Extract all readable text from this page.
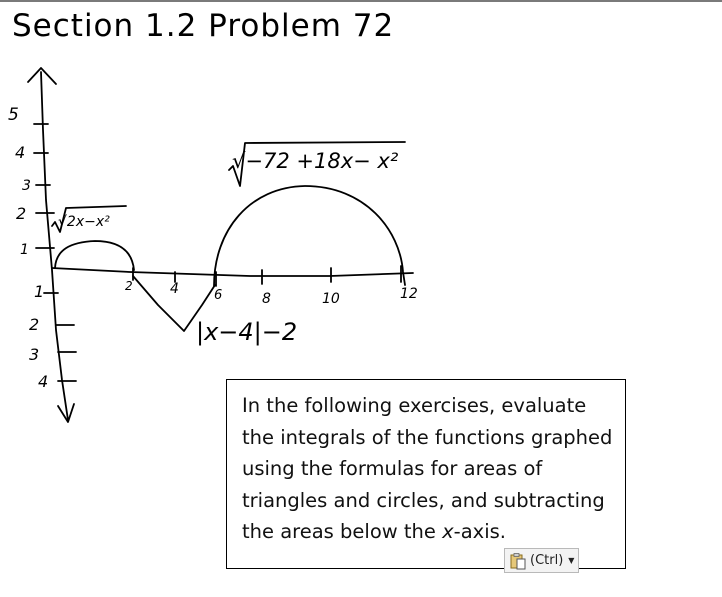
Section 1.2 Problem 72
5
4
3
2
1
1
2
3
4
2	4	6	8	10	12
√2x−x²
√−72 +18x− x²
|x−4|−2

In the following exercises, evaluate
the integrals of the functions graphed
using the formulas for areas of
triangles and circles, and subtracting
the areas below the x-axis.

(Ctrl) ▼
